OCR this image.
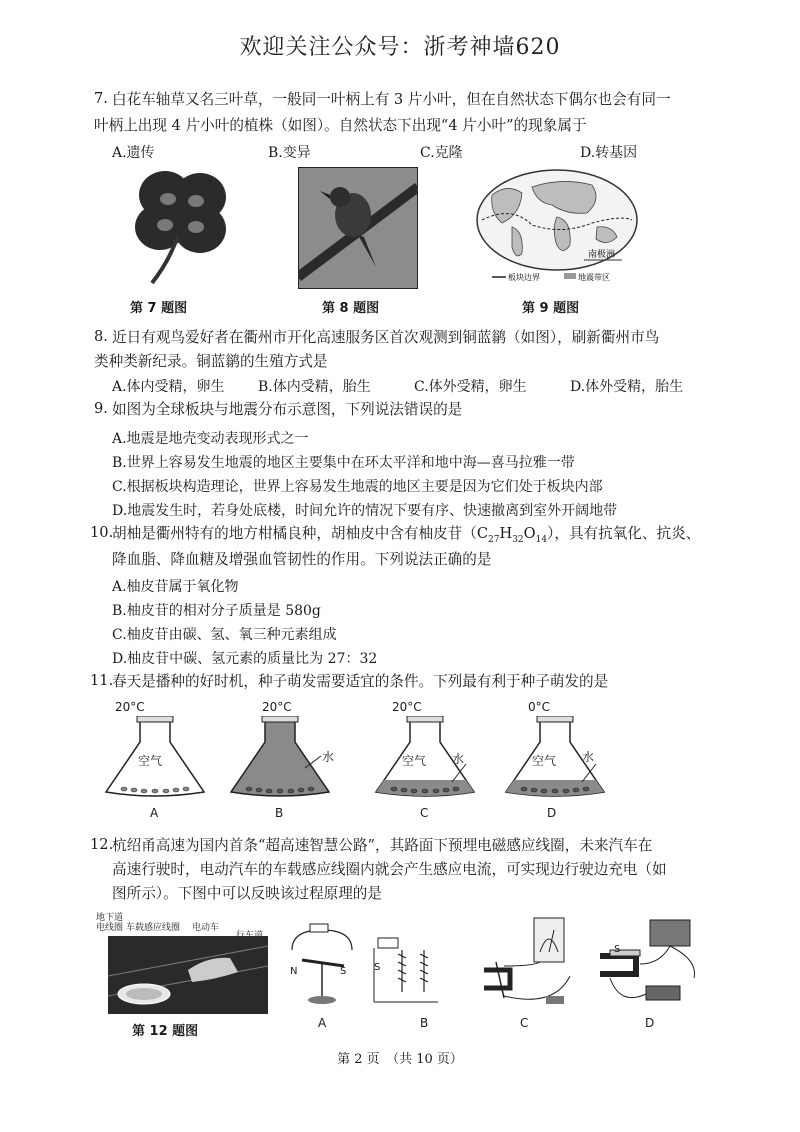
欢迎关注公众号：浙考神墙620
7. 白花车轴草又名三叶草，一般同一叶柄上有 3 片小叶，但在自然状态下偶尔也会有同一
叶柄上出现 4 片小叶的植株（如图）。自然状态下出现“4 片小叶”的现象属于
A.遗传	B.变异	C.克隆	D.转基因
第 7 题图	第 8 题图
南极洲
板块边界	地震带区
第 9 题图
8. 近日有观鸟爱好者在衢州市开化高速服务区首次观测到铜蓝鹟（如图），刷新衢州市鸟
类种类新纪录。铜蓝鹟的生殖方式是
A.体内受精，卵生 B.体内受精，胎生	C.体外受精，卵生	D.体外受精，胎生
9. 如图为全球板块与地震分布示意图，下列说法错误的是
A.地震是地壳变动表现形式之一
B.世界上容易发生地震的地区主要集中在环太平洋和地中海—喜马拉雅一带
C.根据板块构造理论，世界上容易发生地震的地区主要是因为它们处于板块内部
D.地震发生时，若身处底楼，时间允许的情况下要有序、快速撤离到室外开阔地带
10.
胡柚是衢州特有的地方柑橘良种，胡柚皮中含有柚皮苷$(C_{27}H_{32}O_{14})$，具有抗氧化、抗炎、
降血脂、降血糖及增强血管韧性的作用。下列说法正确的是
A.柚皮苷属于氧化物
B.柚皮苷的相对分子质量是 580g
C.柚皮苷由碳、氢、氧三种元素组成
D.柚皮苷中碳、氢元素的质量比为 27：32
11.
春天是播种的好时机，种子萌发需要适宜的条件。下列最有利于种子萌发的是
20°C
空气
A
20°C
水
B
20°C
空气 水
C
0°C
空气 水
D
12.
杭绍甬高速为国内首条“超高速智慧公路”，其路面下预埋电磁感应线圈，未来汽车在
高速行驶时，电动汽车的车载感应线圈内就会产生感应电流，可实现边行驶边充电（如
图所示）。下图中可以反映该过程原理的是
地下道
电线圈 车载感应线圈 电动车
第 12 题图
N	S
A
S
B	C
S
D
第 2 页　（共 10 页）
